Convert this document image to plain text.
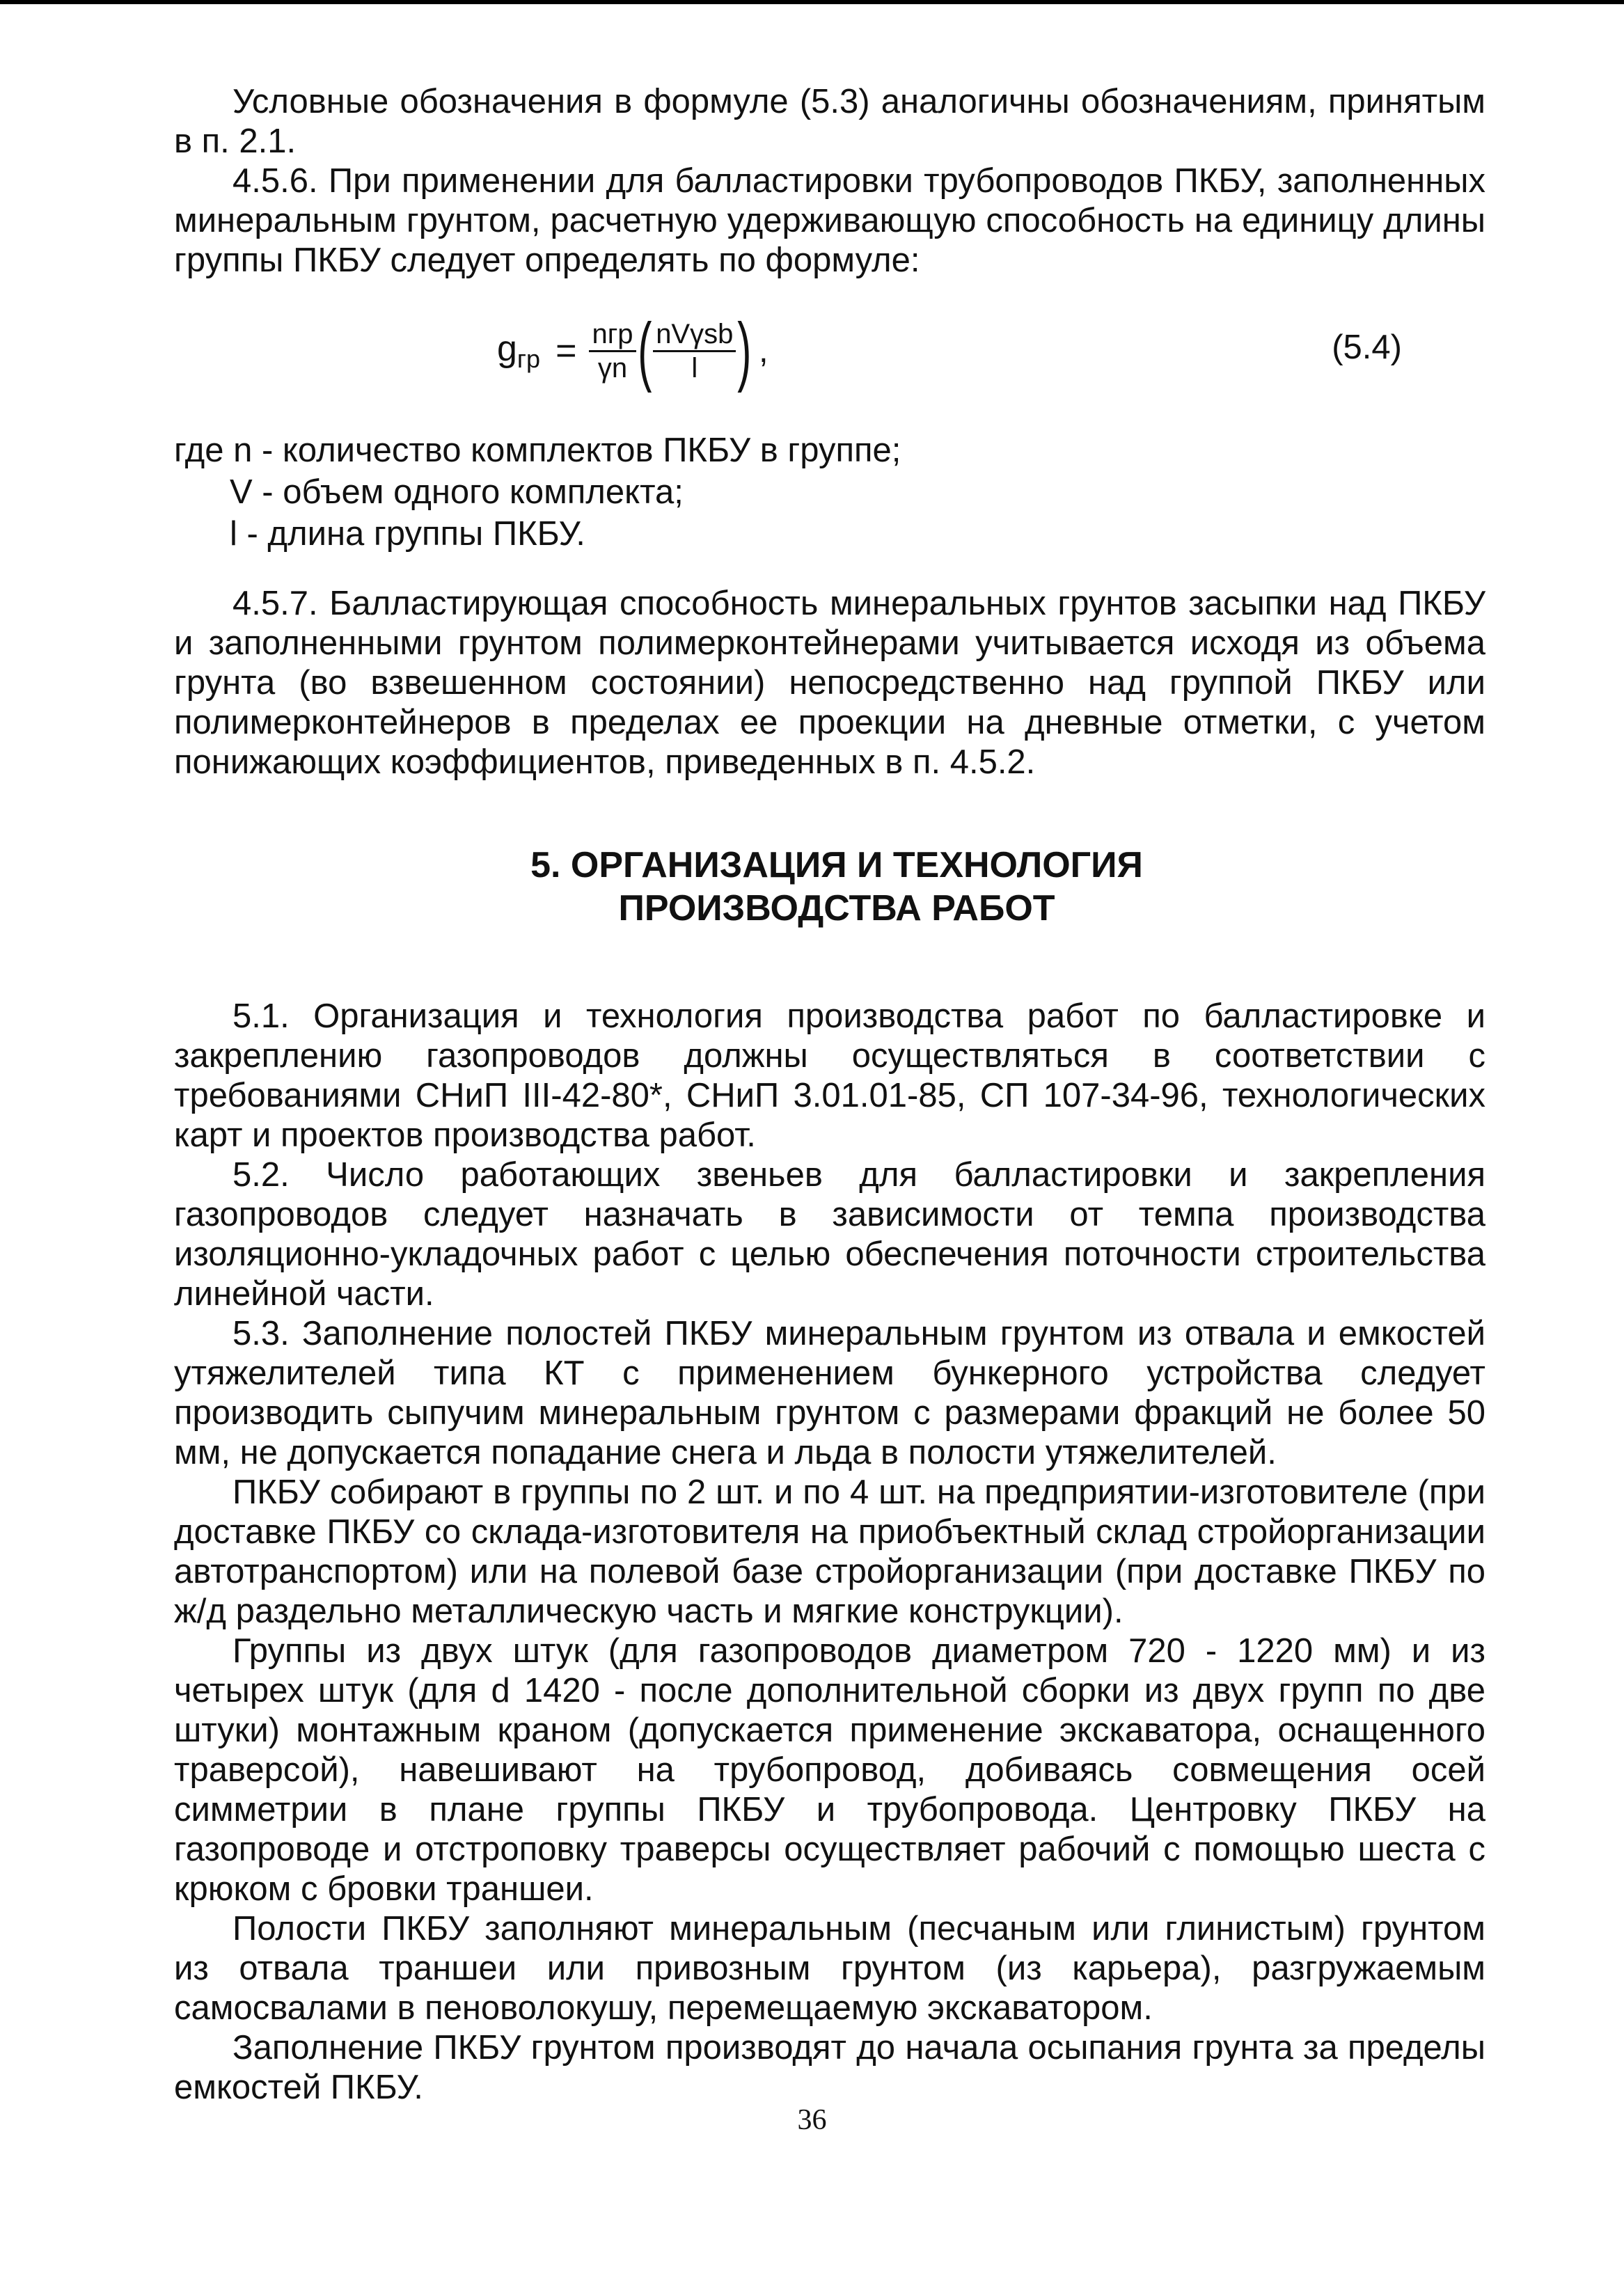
Условные обозначения в формуле (5.3) аналогичны обозначениям, принятым в п. 2.1.

4.5.6. При применении для балластировки трубопроводов ПКБУ, заполненных минеральным грунтом, расчетную удерживающую способность на единицу длины группы ПКБУ следует определять по формуле:

$g_{гр} = \frac{\text{nгр}}{\gamma n}$ ( $\frac{\text{nVγsb}}{l}$ ) ,	(5.4)
где n - количество комплектов ПКБУ в группе;
V - объем одного комплекта;
l - длина группы ПКБУ.

4.5.7. Балластирующая способность минеральных грунтов засыпки над ПКБУ и заполненными грунтом полимерконтейнерами учитывается исходя из объема грунта (во взвешенном состоянии) непосредственно над группой ПКБУ или полимерконтейнеров в пределах ее проекции на дневные отметки, с учетом понижающих коэффициентов, приведенных в п. 4.5.2.

5. ОРГАНИЗАЦИЯ И ТЕХНОЛОГИЯ
ПРОИЗВОДСТВА РАБОТ

5.1. Организация и технология производства работ по балластировке и закреплению газопроводов должны осуществляться в соответствии с требованиями СНиП III-42-80*, СНиП 3.01.01-85, СП 107-34-96, технологических карт и проектов производства работ.

5.2. Число работающих звеньев для балластировки и закрепления газопроводов следует назначать в зависимости от темпа производства изоляционно-укладочных работ с целью обеспечения поточности строительства линейной части.

5.3. Заполнение полостей ПКБУ минеральным грунтом из отвала и емкостей утяжелителей типа КТ с применением бункерного устройства следует производить сыпучим минеральным грунтом с размерами фракций не более 50 мм, не допускается попадание снега и льда в полости утяжелителей.

ПКБУ собирают в группы по 2 шт. и по 4 шт. на предприятии-изготовителе (при доставке ПКБУ со склада-изготовителя на приобъектный склад стройорганизации автотранспортом) или на полевой базе стройорганизации (при доставке ПКБУ по ж/д раздельно металлическую часть и мягкие конструкции).

Группы из двух штук (для газопроводов диаметром 720 - 1220 мм) и из четырех штук (для d 1420 - после дополнительной сборки из двух групп по две штуки) монтажным краном (допускается применение экскаватора, оснащенного траверсой), навешивают на трубопровод, добиваясь совмещения осей симметрии в плане группы ПКБУ и трубопровода. Центровку ПКБУ на газопроводе и отстроповку траверсы осуществляет рабочий с помощью шеста с крюком с бровки траншеи.

Полости ПКБУ заполняют минеральным (песчаным или глинистым) грунтом из отвала траншеи или привозным грунтом (из карьера), разгружаемым самосвалами в пеноволокушу, перемещаемую экскаватором.

Заполнение ПКБУ грунтом производят до начала осыпания грунта за пределы емкостей ПКБУ.

36
